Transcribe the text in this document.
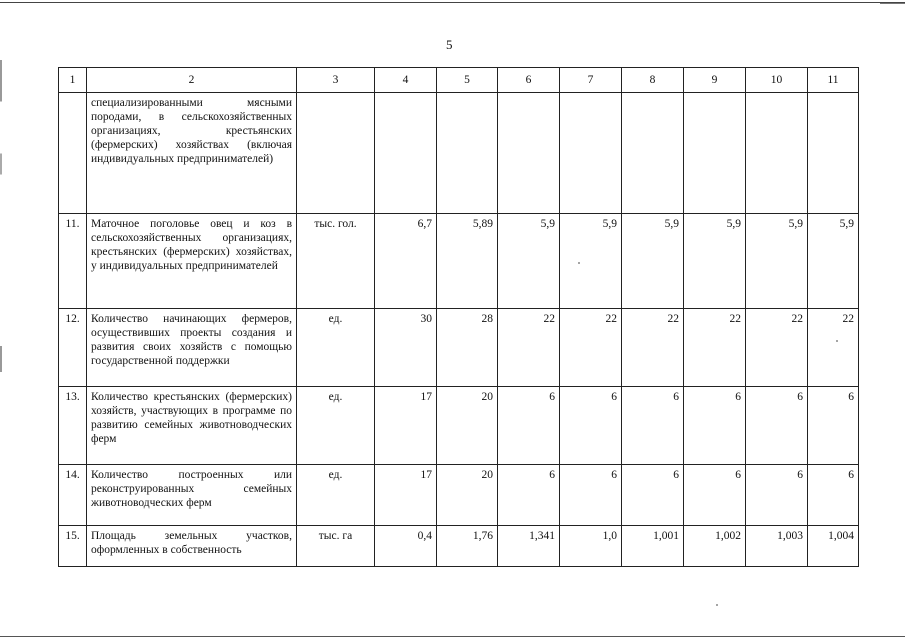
5
1	2	3	4	5	6	7	8	9	10	11
	специализированными мясными породами, в сельскохозяйственных организациях, крестьянских (фермерских) хозяйствах (включая индивидуальных предпринимателей)									
11.	Маточное поголовье овец и коз в сельскохозяйственных организациях, крестьянских (фермерских) хозяйствах, у индивидуальных предпринимателей	тыс. гол.	6,7	5,89	5,9	5,9	5,9	5,9	5,9	5,9
12.	Количество начинающих фермеров, осуществивших проекты создания и развития своих хозяйств с помощью государственной поддержки	ед.	30	28	22	22	22	22	22	22
13.	Количество крестьянских (фермерских) хозяйств, участвующих в программе по развитию семейных животноводческих ферм	ед.	17	20	6	6	6	6	6	6
14.	Количество построенных или реконструированных семейных животноводческих ферм	ед.	17	20	6	6	6	6	6	6
15.	Площадь земельных участков, оформленных в собственность	тыс. га	0,4	1,76	1,341	1,0	1,001	1,002	1,003	1,004
